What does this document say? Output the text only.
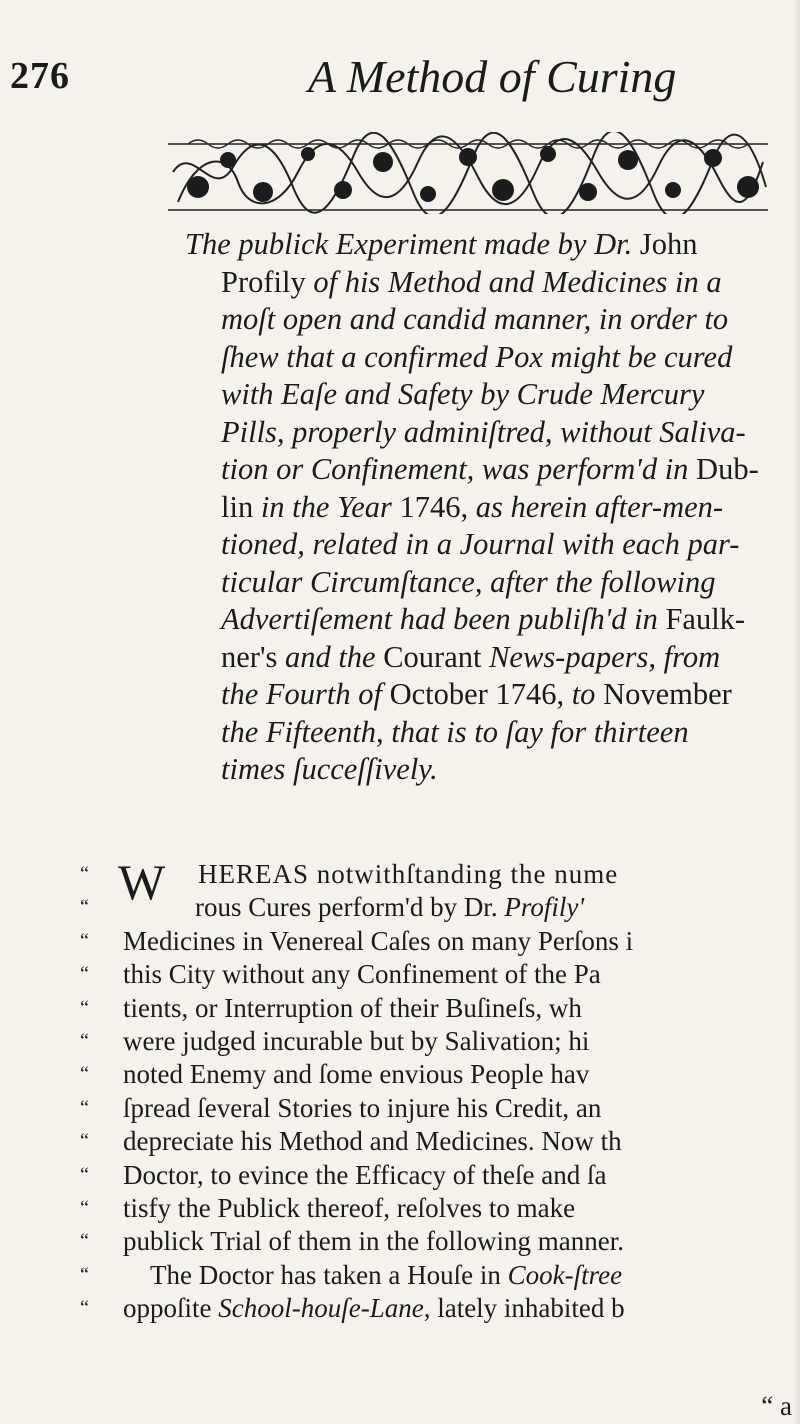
276	A Method of Curing
The publick Experiment made by Dr. John
Profily of his Method and Medicines in a
moſt open and candid manner, in order to
ſhew that a confirmed Pox might be cured
with Eaſe and Safety by Crude Mercury
Pills, properly adminiſtred, without Saliva-
tion or Confinement, was perform'd in Dub-
lin in the Year 1746, as herein after-men-
tioned, related in a Journal with each par-
ticular Circumſtance, after the following
Advertiſement had been publiſh'd in Faulk-
ner's and the Courant News-papers, from
the Fourth of October 1746, to November
the Fifteenth, that is to ſay for thirteen
times ſucceſſively.
“ W HEREAS notwithſtanding the nume
“	rous Cures perform'd by Dr. Profily'
“	Medicines in Venereal Caſes on many Perſons i
“	this City without any Confinement of the Pa
“	tients, or Interruption of their Buſineſs, wh
“	were judged incurable but by Salivation; hi
“	noted Enemy and ſome envious People hav
“	ſpread ſeveral Stories to injure his Credit, an
“	depreciate his Method and Medicines. Now th
“	Doctor, to evince the Efficacy of theſe and ſa
“	tisfy the Publick thereof, reſolves to make
“	publick Trial of them in the following manner.
“	The Doctor has taken a Houſe in Cook-ſtree
“	oppoſite School-houſe-Lane, lately inhabited b
“ a
